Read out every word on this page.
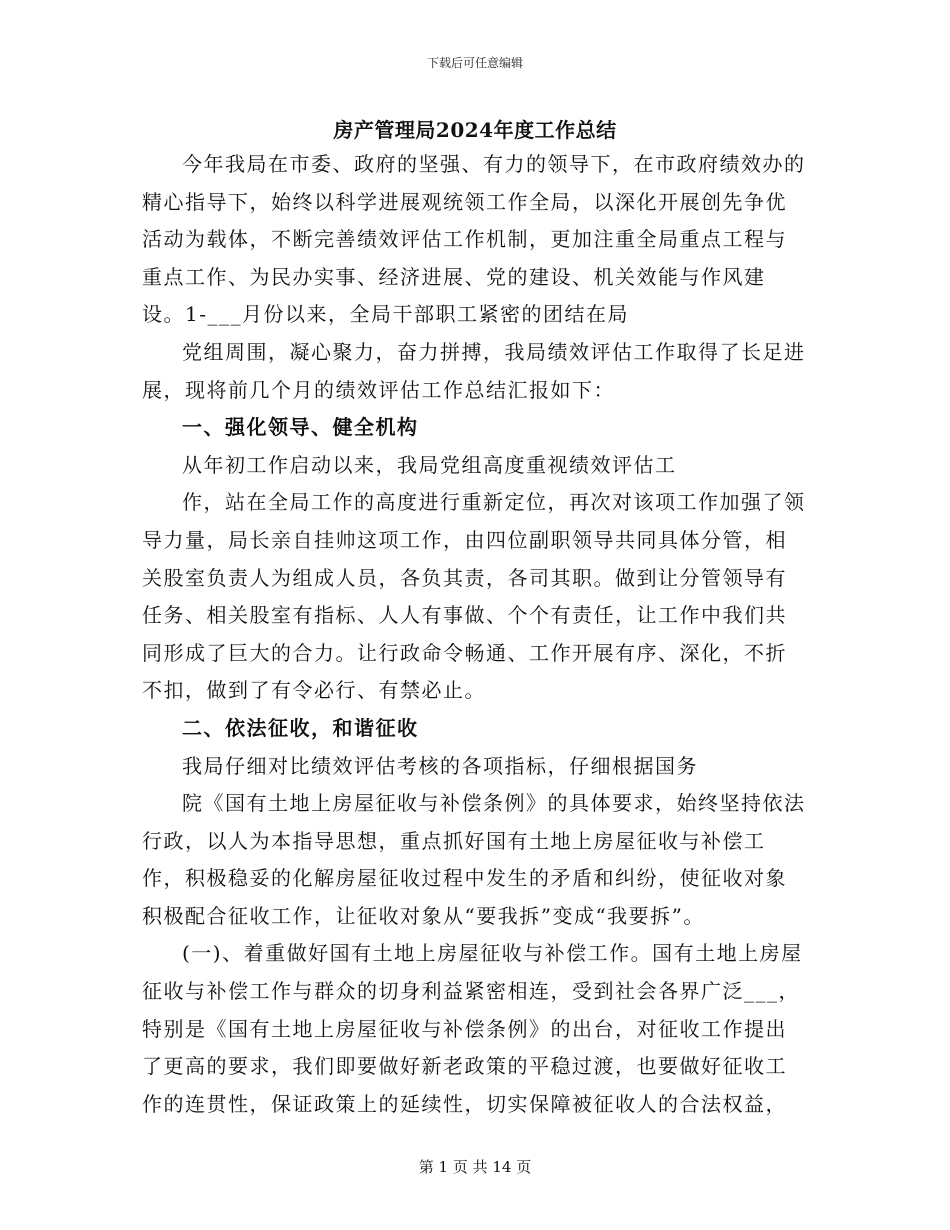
下载后可任意编辑
房产管理局2024年度工作总结

今年我局在市委、政府的坚强、有力的领导下，在市政府绩效办的精心指导下，始终以科学进展观统领工作全局，以深化开展创先争优活动为载体，不断完善绩效评估工作机制，更加注重全局重点工程与重点工作、为民办实事、经济进展、党的建设、机关效能与作风建设。1-___月份以来，全局干部职工紧密的团结在局

党组周围，凝心聚力，奋力拼搏，我局绩效评估工作取得了长足进展，现将前几个月的绩效评估工作总结汇报如下：

一、强化领导、健全机构

从年初工作启动以来，我局党组高度重视绩效评估工

作，站在全局工作的高度进行重新定位，再次对该项工作加强了领导力量，局长亲自挂帅这项工作，由四位副职领导共同具体分管，相关股室负责人为组成人员，各负其责，各司其职。做到让分管领导有任务、相关股室有指标、人人有事做、个个有责任，让工作中我们共同形成了巨大的合力。让行政命令畅通、工作开展有序、深化，不折不扣，做到了有令必行、有禁必止。

二、依法征收，和谐征收

我局仔细对比绩效评估考核的各项指标，仔细根据国务

院《国有土地上房屋征收与补偿条例》的具体要求，始终坚持依法行政，以人为本指导思想，重点抓好国有土地上房屋征收与补偿工作，积极稳妥的化解房屋征收过程中发生的矛盾和纠纷，使征收对象积极配合征收工作，让征收对象从“要我拆”变成“我要拆”。

(一)、着重做好国有土地上房屋征收与补偿工作。国有土地上房屋征收与补偿工作与群众的切身利益紧密相连，受到社会各界广泛___，特别是《国有土地上房屋征收与补偿条例》的出台，对征收工作提出了更高的要求，我们即要做好新老政策的平稳过渡，也要做好征收工作的连贯性，保证政策上的延续性，切实保障被征收人的合法权益，

第 1 页 共 14 页
